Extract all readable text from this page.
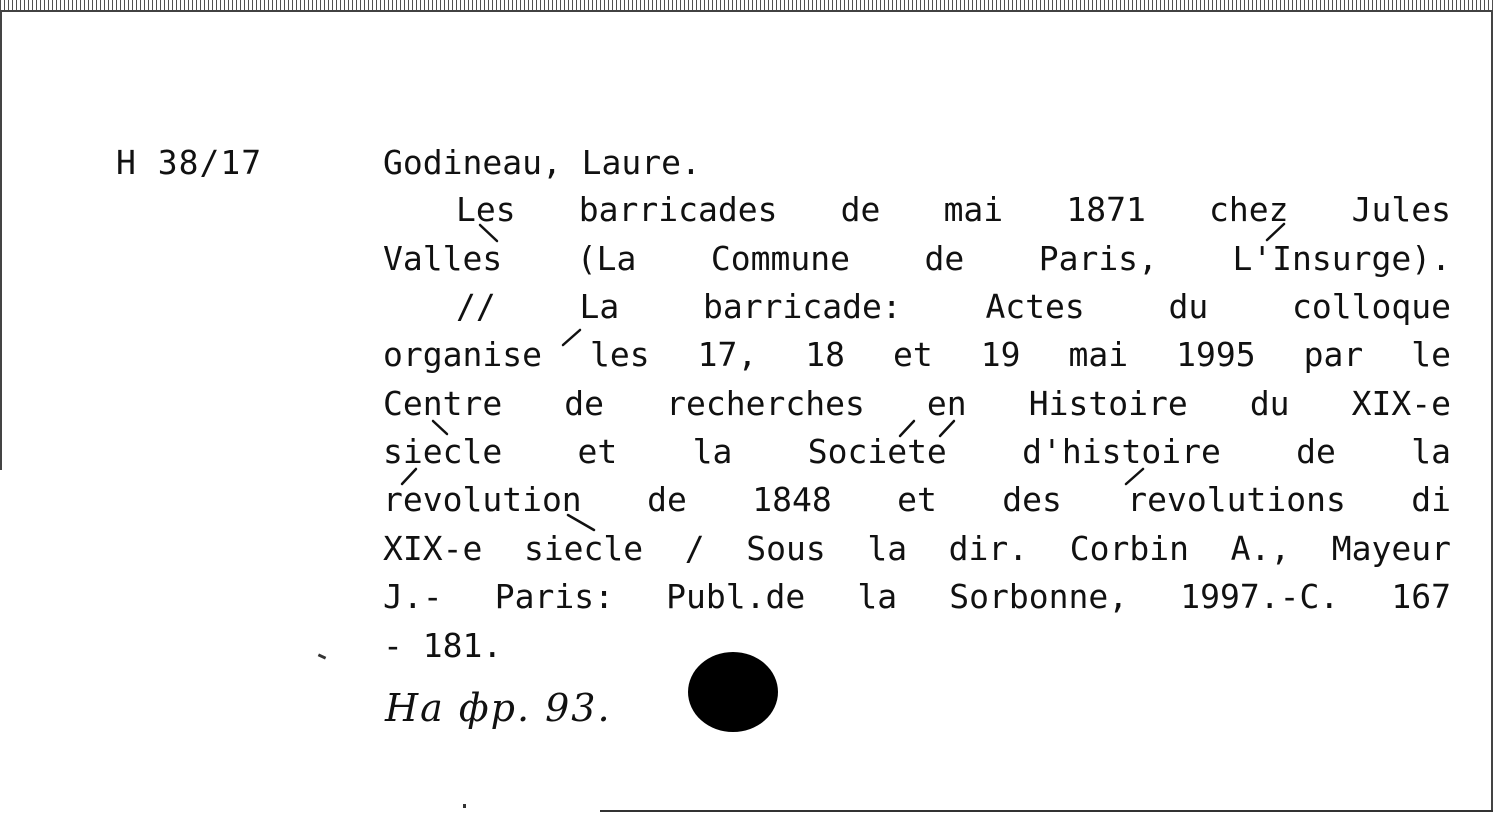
H 38/17	Godineau, Laure.
Les barricades de mai 1871 chez Jules
Valles (La Commune de Paris, L'Insurge).
// La barricade: Actes du colloque
organise les 17, 18 et 19 mai 1995 par le
Centre de recherches en Histoire du XIX-e
siecle et la Societe d'histoire de la
revolution de 1848 et des revolutions di
XIX-e siecle / Sous la dir. Corbin A., Mayeur
J.- Paris: Publ.de la Sorbonne, 1997.-C. 167
- 181.
На фр. 93.
